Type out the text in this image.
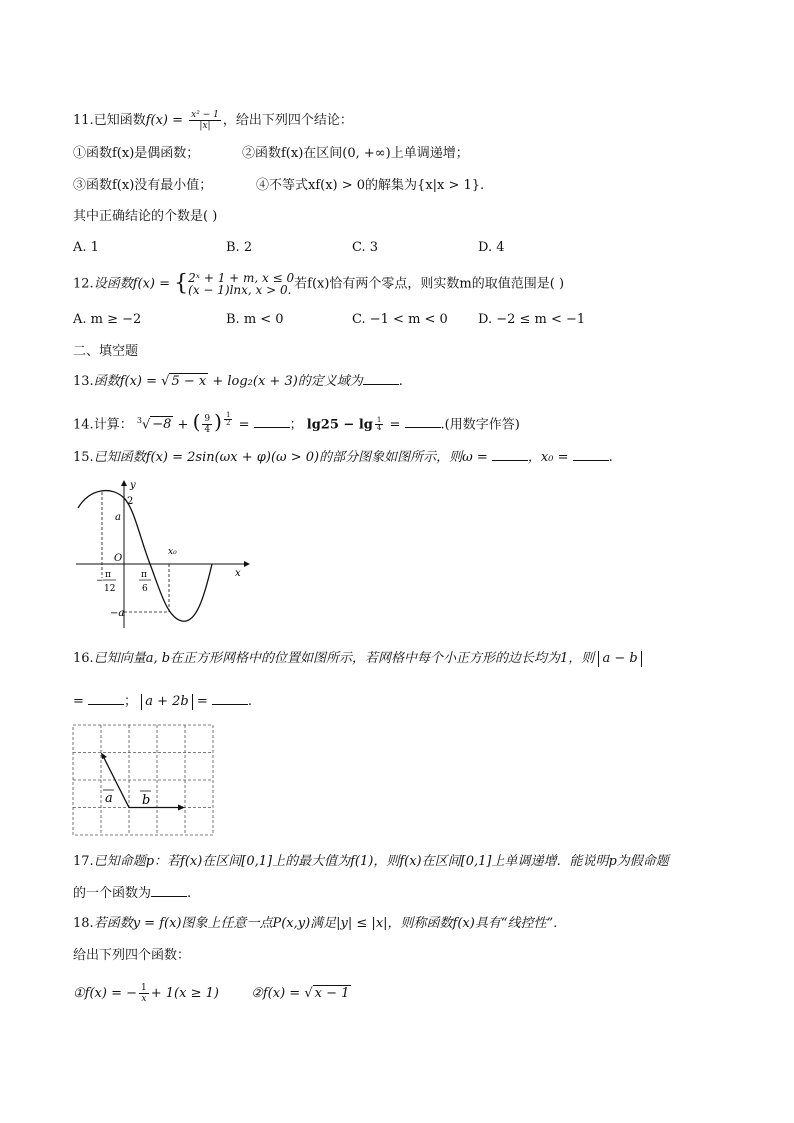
11.已知函数$f(x) = \frac{\text{x² − 1}}{|x|}$ ，给出下列四个结论：
①函数f(x)是偶函数；	②函数f(x)在区间(0, +∞)上单调递增；
③函数f(x)没有最小值；	④不等式xf(x) > 0的解集为{x|x > 1}.
其中正确结论的个数是( )
A. 1	B. 2	C. 3	D. 4
12.设函数f(x) = { 2ˣ + 1 + m, x ≤ 0
(x − 1)lnx, x > 0. 若f(x)恰有两个零点，则实数m的取值范围是( )
A. m ≥ −2	B. m < 0	C. −1 < m < 0 D. −2 ≤ m < −1
二、填空题
13.函数f(x) = √ 5 − x + log₂(x + 3)的定义域为	.
14.计算： $^3$√ −8 + ( $\frac{9}{4}$ ) $\frac{1}{2}$ =	； $\lg 25 - \lg \frac{1}{4}$ =	.(用数字作答)
15.已知函数f(x) = 2sin(ωx + φ)(ω > 0)的部分图象如图所示，则ω =	，x₀ =	.
y
2
a
O
x₀
x
−
π
12
π
6
−a
16.已知向量a, b在正方形网格中的位置如图所示，若网格中每个小正方形的边长均为1，则 a − b
=	； a + 2b =	.
a b
17.已知命题p：若f(x)在区间[0,1]上的最大值为f(1)，则f(x)在区间[0,1]上单调递增．能说明p为假命题
的一个函数为	.
18.若函数y = f(x)图象上任意一点P(x,y)满足|y| ≤ |x|，则称函数f(x)具有“线控性”．
给出下列四个函数：
①f(x) = − $\frac{1}{x} + 1(x \ge 1)$ ②f(x) = √ x − 1
